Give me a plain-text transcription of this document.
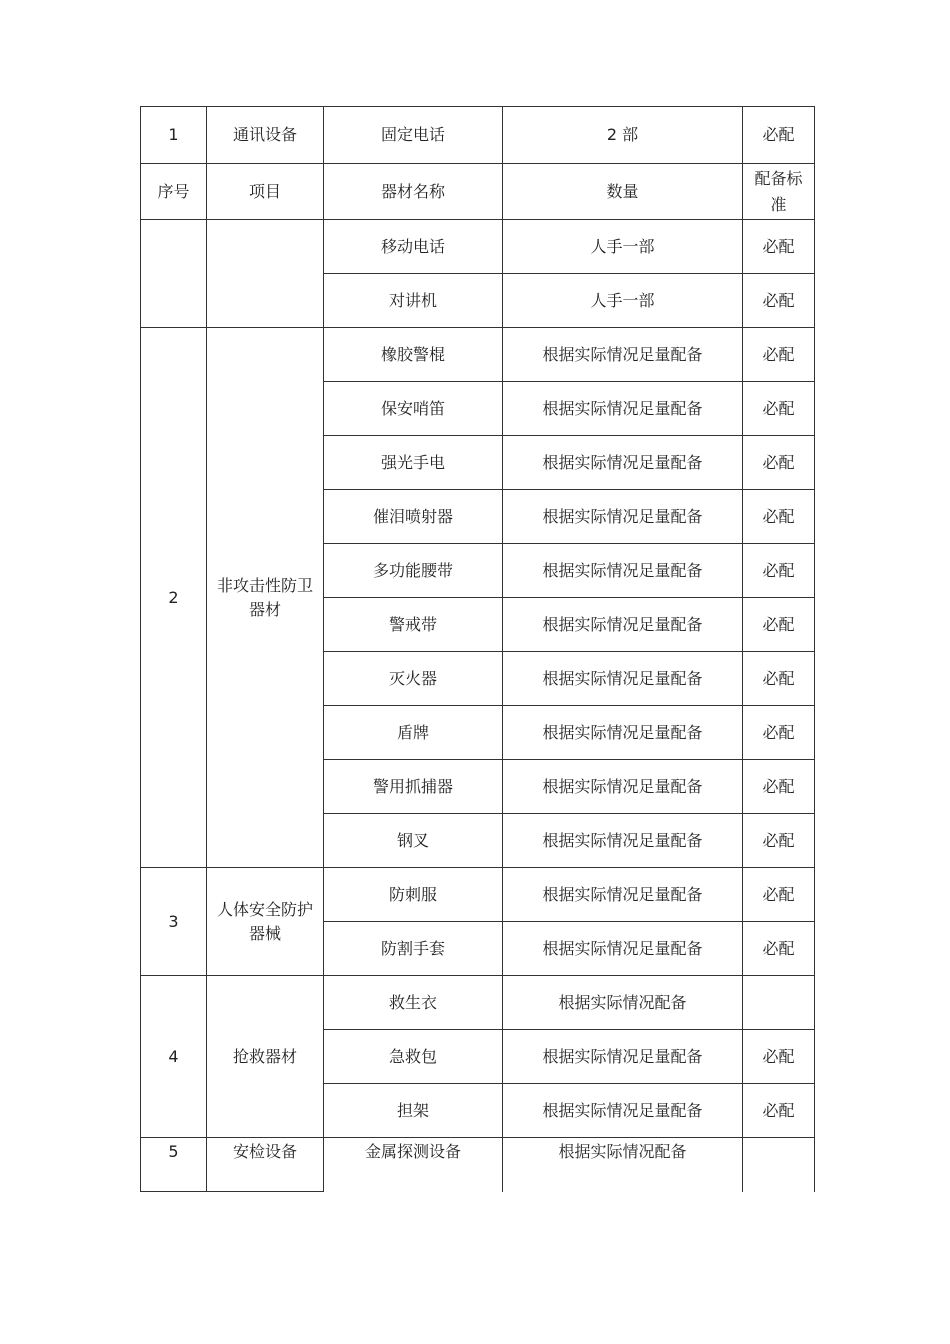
1	通讯设备	固定电话	2 部	必配
序号	项目	器材名称	数量	配备标准
		移动电话	人手一部	必配
		对讲机	人手一部	必配
2	非攻击性防卫器材	橡胶警棍	根据实际情况足量配备	必配
		保安哨笛	根据实际情况足量配备	必配
		强光手电	根据实际情况足量配备	必配
		催泪喷射器	根据实际情况足量配备	必配
		多功能腰带	根据实际情况足量配备	必配
		警戒带	根据实际情况足量配备	必配
		灭火器	根据实际情况足量配备	必配
		盾牌	根据实际情况足量配备	必配
		警用抓捕器	根据实际情况足量配备	必配
		钢叉	根据实际情况足量配备	必配
3	人体安全防护器械	防刺服	根据实际情况足量配备	必配
		防割手套	根据实际情况足量配备	必配
4	抢救器材	救生衣	根据实际情况配备	
		急救包	根据实际情况足量配备	必配
		担架	根据实际情况足量配备	必配
5	安检设备	金属探测设备	根据实际情况配备	
